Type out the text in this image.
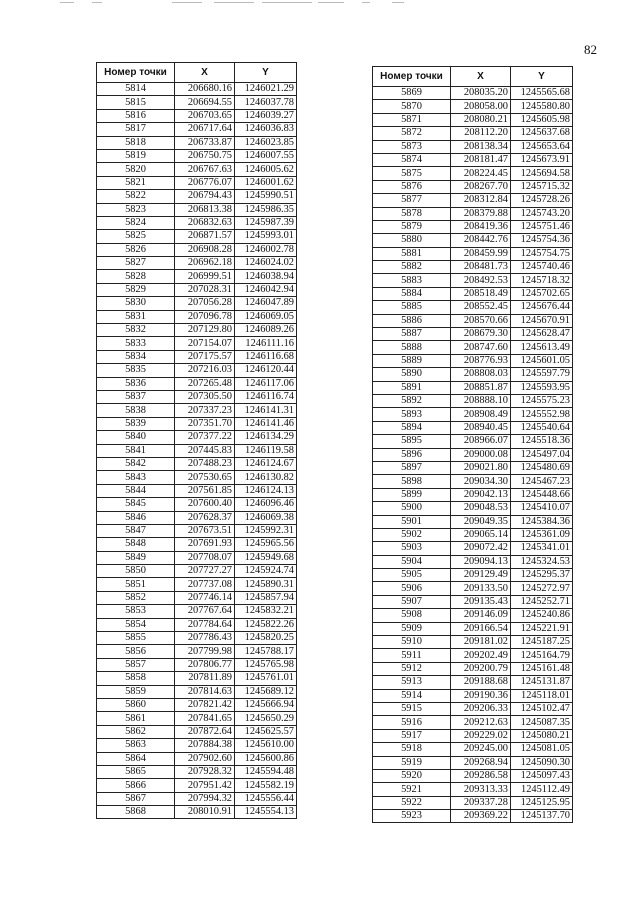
82
Номер точки	X	Y
5814	206680.16	1246021.29
5815	206694.55	1246037.78
5816	206703.65	1246039.27
5817	206717.64	1246036.83
5818	206733.87	1246023.85
5819	206750.75	1246007.55
5820	206767.63	1246005.62
5821	206776.07	1246001.62
5822	206794.43	1245990.51
5823	206813.38	1245986.35
5824	206832.63	1245987.39
5825	206871.57	1245993.01
5826	206908.28	1246002.78
5827	206962.18	1246024.02
5828	206999.51	1246038.94
5829	207028.31	1246042.94
5830	207056.28	1246047.89
5831	207096.78	1246069.05
5832	207129.80	1246089.26
5833	207154.07	1246111.16
5834	207175.57	1246116.68
5835	207216.03	1246120.44
5836	207265.48	1246117.06
5837	207305.50	1246116.74
5838	207337.23	1246141.31
5839	207351.70	1246141.46
5840	207377.22	1246134.29
5841	207445.83	1246119.58
5842	207488.23	1246124.67
5843	207530.65	1246130.82
5844	207561.85	1246124.13
5845	207600.40	1246096.46
5846	207628.37	1246069.38
5847	207673.51	1245992.31
5848	207691.93	1245965.56
5849	207708.07	1245949.68
5850	207727.27	1245924.74
5851	207737.08	1245890.31
5852	207746.14	1245857.94
5853	207767.64	1245832.21
5854	207784.64	1245822.26
5855	207786.43	1245820.25
5856	207799.98	1245788.17
5857	207806.77	1245765.98
5858	207811.89	1245761.01
5859	207814.63	1245689.12
5860	207821.42	1245666.94
5861	207841.65	1245650.29
5862	207872.64	1245625.57
5863	207884.38	1245610.00
5864	207902.60	1245600.86
5865	207928.32	1245594.48
5866	207951.42	1245582.19
5867	207994.32	1245556.44
5868	208010.91	1245554.13
Номер точки	X	Y
5869	208035.20	1245565.68
5870	208058.00	1245580.80
5871	208080.21	1245605.98
5872	208112.20	1245637.68
5873	208138.34	1245653.64
5874	208181.47	1245673.91
5875	208224.45	1245694.58
5876	208267.70	1245715.32
5877	208312.84	1245728.26
5878	208379.88	1245743.20
5879	208419.36	1245751.46
5880	208442.76	1245754.36
5881	208459.99	1245754.75
5882	208481.73	1245740.46
5883	208492.53	1245718.32
5884	208518.49	1245702.65
5885	208552.45	1245676.44
5886	208570.66	1245670.91
5887	208679.30	1245628.47
5888	208747.60	1245613.49
5889	208776.93	1245601.05
5890	208808.03	1245597.79
5891	208851.87	1245593.95
5892	208888.10	1245575.23
5893	208908.49	1245552.98
5894	208940.45	1245540.64
5895	208966.07	1245518.36
5896	209000.08	1245497.04
5897	209021.80	1245480.69
5898	209034.30	1245467.23
5899	209042.13	1245448.66
5900	209048.53	1245410.07
5901	209049.35	1245384.36
5902	209065.14	1245361.09
5903	209072.42	1245341.01
5904	209094.13	1245324.53
5905	209129.49	1245295.37
5906	209133.50	1245272.97
5907	209135.43	1245252.71
5908	209146.09	1245240.86
5909	209166.54	1245221.91
5910	209181.02	1245187.25
5911	209202.49	1245164.79
5912	209200.79	1245161.48
5913	209188.68	1245131.87
5914	209190.36	1245118.01
5915	209206.33	1245102.47
5916	209212.63	1245087.35
5917	209229.02	1245080.21
5918	209245.00	1245081.05
5919	209268.94	1245090.30
5920	209286.58	1245097.43
5921	209313.33	1245112.49
5922	209337.28	1245125.95
5923	209369.22	1245137.70
